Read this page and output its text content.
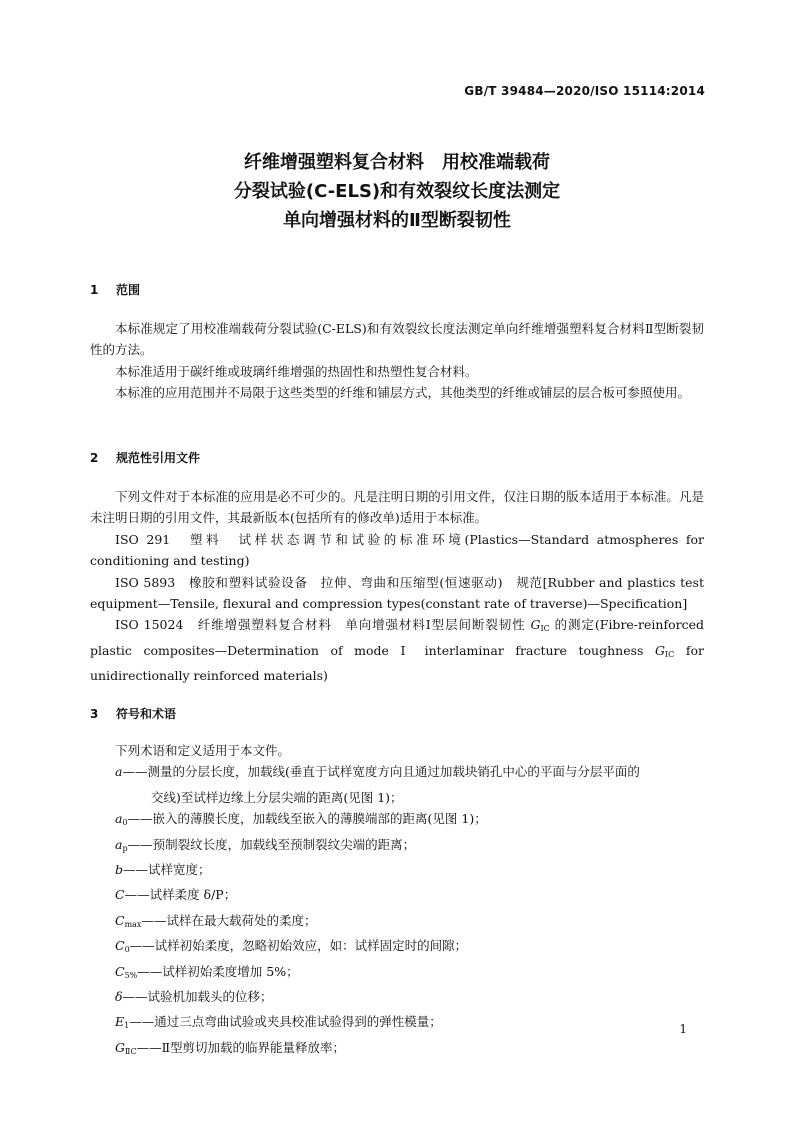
GB/T 39484—2020/ISO 15114:2014
纤维增强塑料复合材料　用校准端载荷
分裂试验(C-ELS)和有效裂纹长度法测定
单向增强材料的Ⅱ型断裂韧性
1 范围

本标准规定了用校准端载荷分裂试验(C-ELS)和有效裂纹长度法测定单向纤维增强塑料复合材料Ⅱ型断裂韧性的方法。

本标准适用于碳纤维或玻璃纤维增强的热固性和热塑性复合材料。

本标准的应用范围并不局限于这些类型的纤维和铺层方式，其他类型的纤维或铺层的层合板可参照使用。

2 规范性引用文件

下列文件对于本标准的应用是必不可少的。凡是注明日期的引用文件，仅注日期的版本适用于本标准。凡是未注明日期的引用文件，其最新版本(包括所有的修改单)适用于本标准。

ISO 291　塑料　试样状态调节和试验的标准环境(Plastics—Standard atmospheres for conditioning and testing)

ISO 5893　橡胶和塑料试验设备　拉伸、弯曲和压缩型(恒速驱动)　规范[Rubber and plastics test equipment—Tensile, flexural and compression types(constant rate of traverse)—Specification]

ISO 15024　纤维增强塑料复合材料　单向增强材料Ⅰ型层间断裂韧性 $G_{IC}$ 的测定(Fibre-reinforced plastic composites—Determination of mode Ⅰ interlaminar fracture toughness $G_{IC}$ for unidirectionally reinforced materials)

3 符号和术语
下列术语和定义适用于本文件。
a——测量的分层长度，加载线(垂直于试样宽度方向且通过加载块销孔中心的平面与分层平面的
交线)至试样边缘上分层尖端的距离(见图 1)；
$a_0——$嵌入的薄膜长度，加载线至嵌入的薄膜端部的距离(见图 1)；
$a_p——$预制裂纹长度，加载线至预制裂纹尖端的距离；
b——试样宽度；
C——试样柔度 δ/P；
$C_{max}——$试样在最大载荷处的柔度；
$C_0——$试样初始柔度，忽略初始效应，如：试样固定时的间隙；
$C_{5\%}——$试样初始柔度增加 5%；
δ——试验机加载头的位移；
$E_1——$通过三点弯曲试验或夹具校准试验得到的弹性模量；
$G_{ⅡC}——Ⅱ$型剪切加载的临界能量释放率；
1
